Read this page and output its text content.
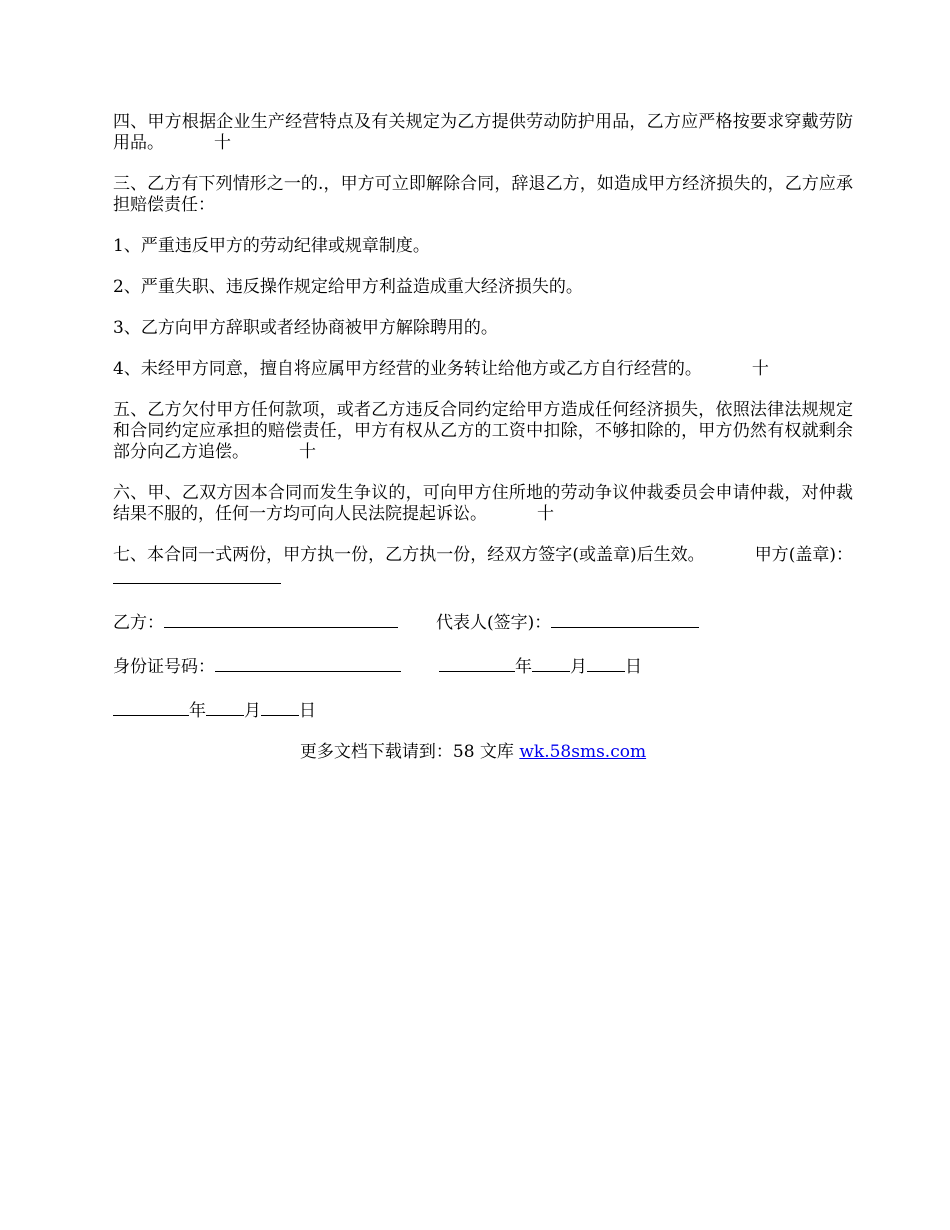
四、甲方根据企业生产经营特点及有关规定为乙方提供劳动防护用品，乙方应严格按要求穿戴劳防用品。	十

三、乙方有下列情形之一的.，甲方可立即解除合同，辞退乙方，如造成甲方经济损失的，乙方应承担赔偿责任：

1、严重违反甲方的劳动纪律或规章制度。

2、严重失职、违反操作规定给甲方利益造成重大经济损失的。

3、乙方向甲方辞职或者经协商被甲方解除聘用的。

4、未经甲方同意，擅自将应属甲方经营的业务转让给他方或乙方自行经营的。	十

五、乙方欠付甲方任何款项，或者乙方违反合同约定给甲方造成任何经济损失，依照法律法规规定和合同约定应承担的赔偿责任，甲方有权从乙方的工资中扣除，不够扣除的，甲方仍然有权就剩余部分向乙方追偿。	十

六、甲、乙双方因本合同而发生争议的，可向甲方住所地的劳动争议仲裁委员会申请仲裁，对仲裁结果不服的，任何一方均可向人民法院提起诉讼。	十

七、本合同一式两份，甲方执一份，乙方执一份，经双方签字(或盖章)后生效。	甲方(盖章)：

乙方：	代表人(签字)：
身份证号码：	年 月 日
年 月 日
更多文档下载请到：58 文库 wk.58sms.com
